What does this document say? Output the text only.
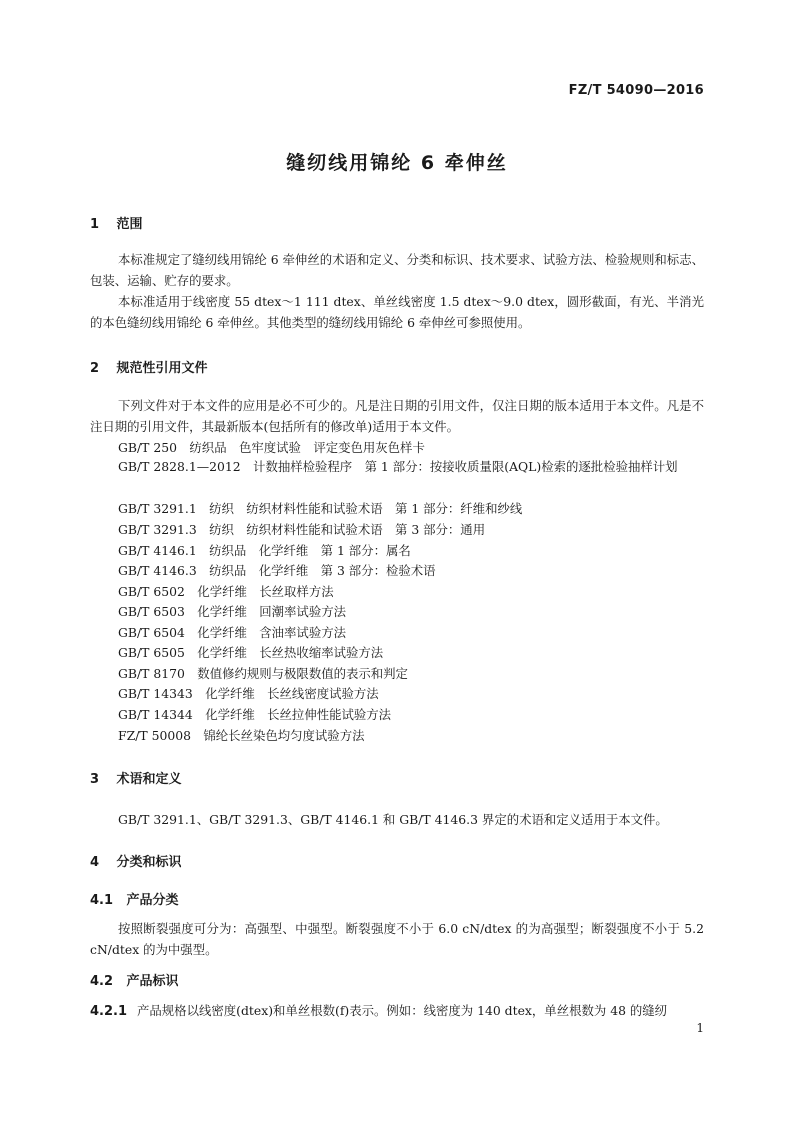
FZ/T 54090—2016
缝纫线用锦纶 6 牵伸丝
1 范围
本标准规定了缝纫线用锦纶 6 牵伸丝的术语和定义、分类和标识、技术要求、试验方法、检验规则和标志、包装、运输、贮存的要求。
本标准适用于线密度 55 dtex～1 111 dtex、单丝线密度 1.5 dtex～9.0 dtex，圆形截面，有光、半消光的本色缝纫线用锦纶 6 牵伸丝。其他类型的缝纫线用锦纶 6 牵伸丝可参照使用。
2 规范性引用文件
下列文件对于本文件的应用是必不可少的。凡是注日期的引用文件，仅注日期的版本适用于本文件。凡是不注日期的引用文件，其最新版本(包括所有的修改单)适用于本文件。
GB/T 250　纺织品　色牢度试验　评定变色用灰色样卡
GB/T 2828.1—2012　计数抽样检验程序　第 1 部分：按接收质量限(AQL)检索的逐批检验抽样计划
GB/T 3291.1　纺织　纺织材料性能和试验术语　第 1 部分：纤维和纱线
GB/T 3291.3　纺织　纺织材料性能和试验术语　第 3 部分：通用
GB/T 4146.1　纺织品　化学纤维　第 1 部分：属名
GB/T 4146.3　纺织品　化学纤维　第 3 部分：检验术语
GB/T 6502　化学纤维　长丝取样方法
GB/T 6503　化学纤维　回潮率试验方法
GB/T 6504　化学纤维　含油率试验方法
GB/T 6505　化学纤维　长丝热收缩率试验方法
GB/T 8170　数值修约规则与极限数值的表示和判定
GB/T 14343　化学纤维　长丝线密度试验方法
GB/T 14344　化学纤维　长丝拉伸性能试验方法
FZ/T 50008　锦纶长丝染色均匀度试验方法
3 术语和定义
GB/T 3291.1、GB/T 3291.3、GB/T 4146.1 和 GB/T 4146.3 界定的术语和定义适用于本文件。
4 分类和标识
4.1 产品分类
按照断裂强度可分为：高强型、中强型。断裂强度不小于 6.0 cN/dtex 的为高强型；断裂强度不小于 5.2 cN/dtex 的为中强型。
4.2 产品标识
4.2.1 产品规格以线密度(dtex)和单丝根数(f)表示。例如：线密度为 140 dtex，单丝根数为 48 的缝纫
1
